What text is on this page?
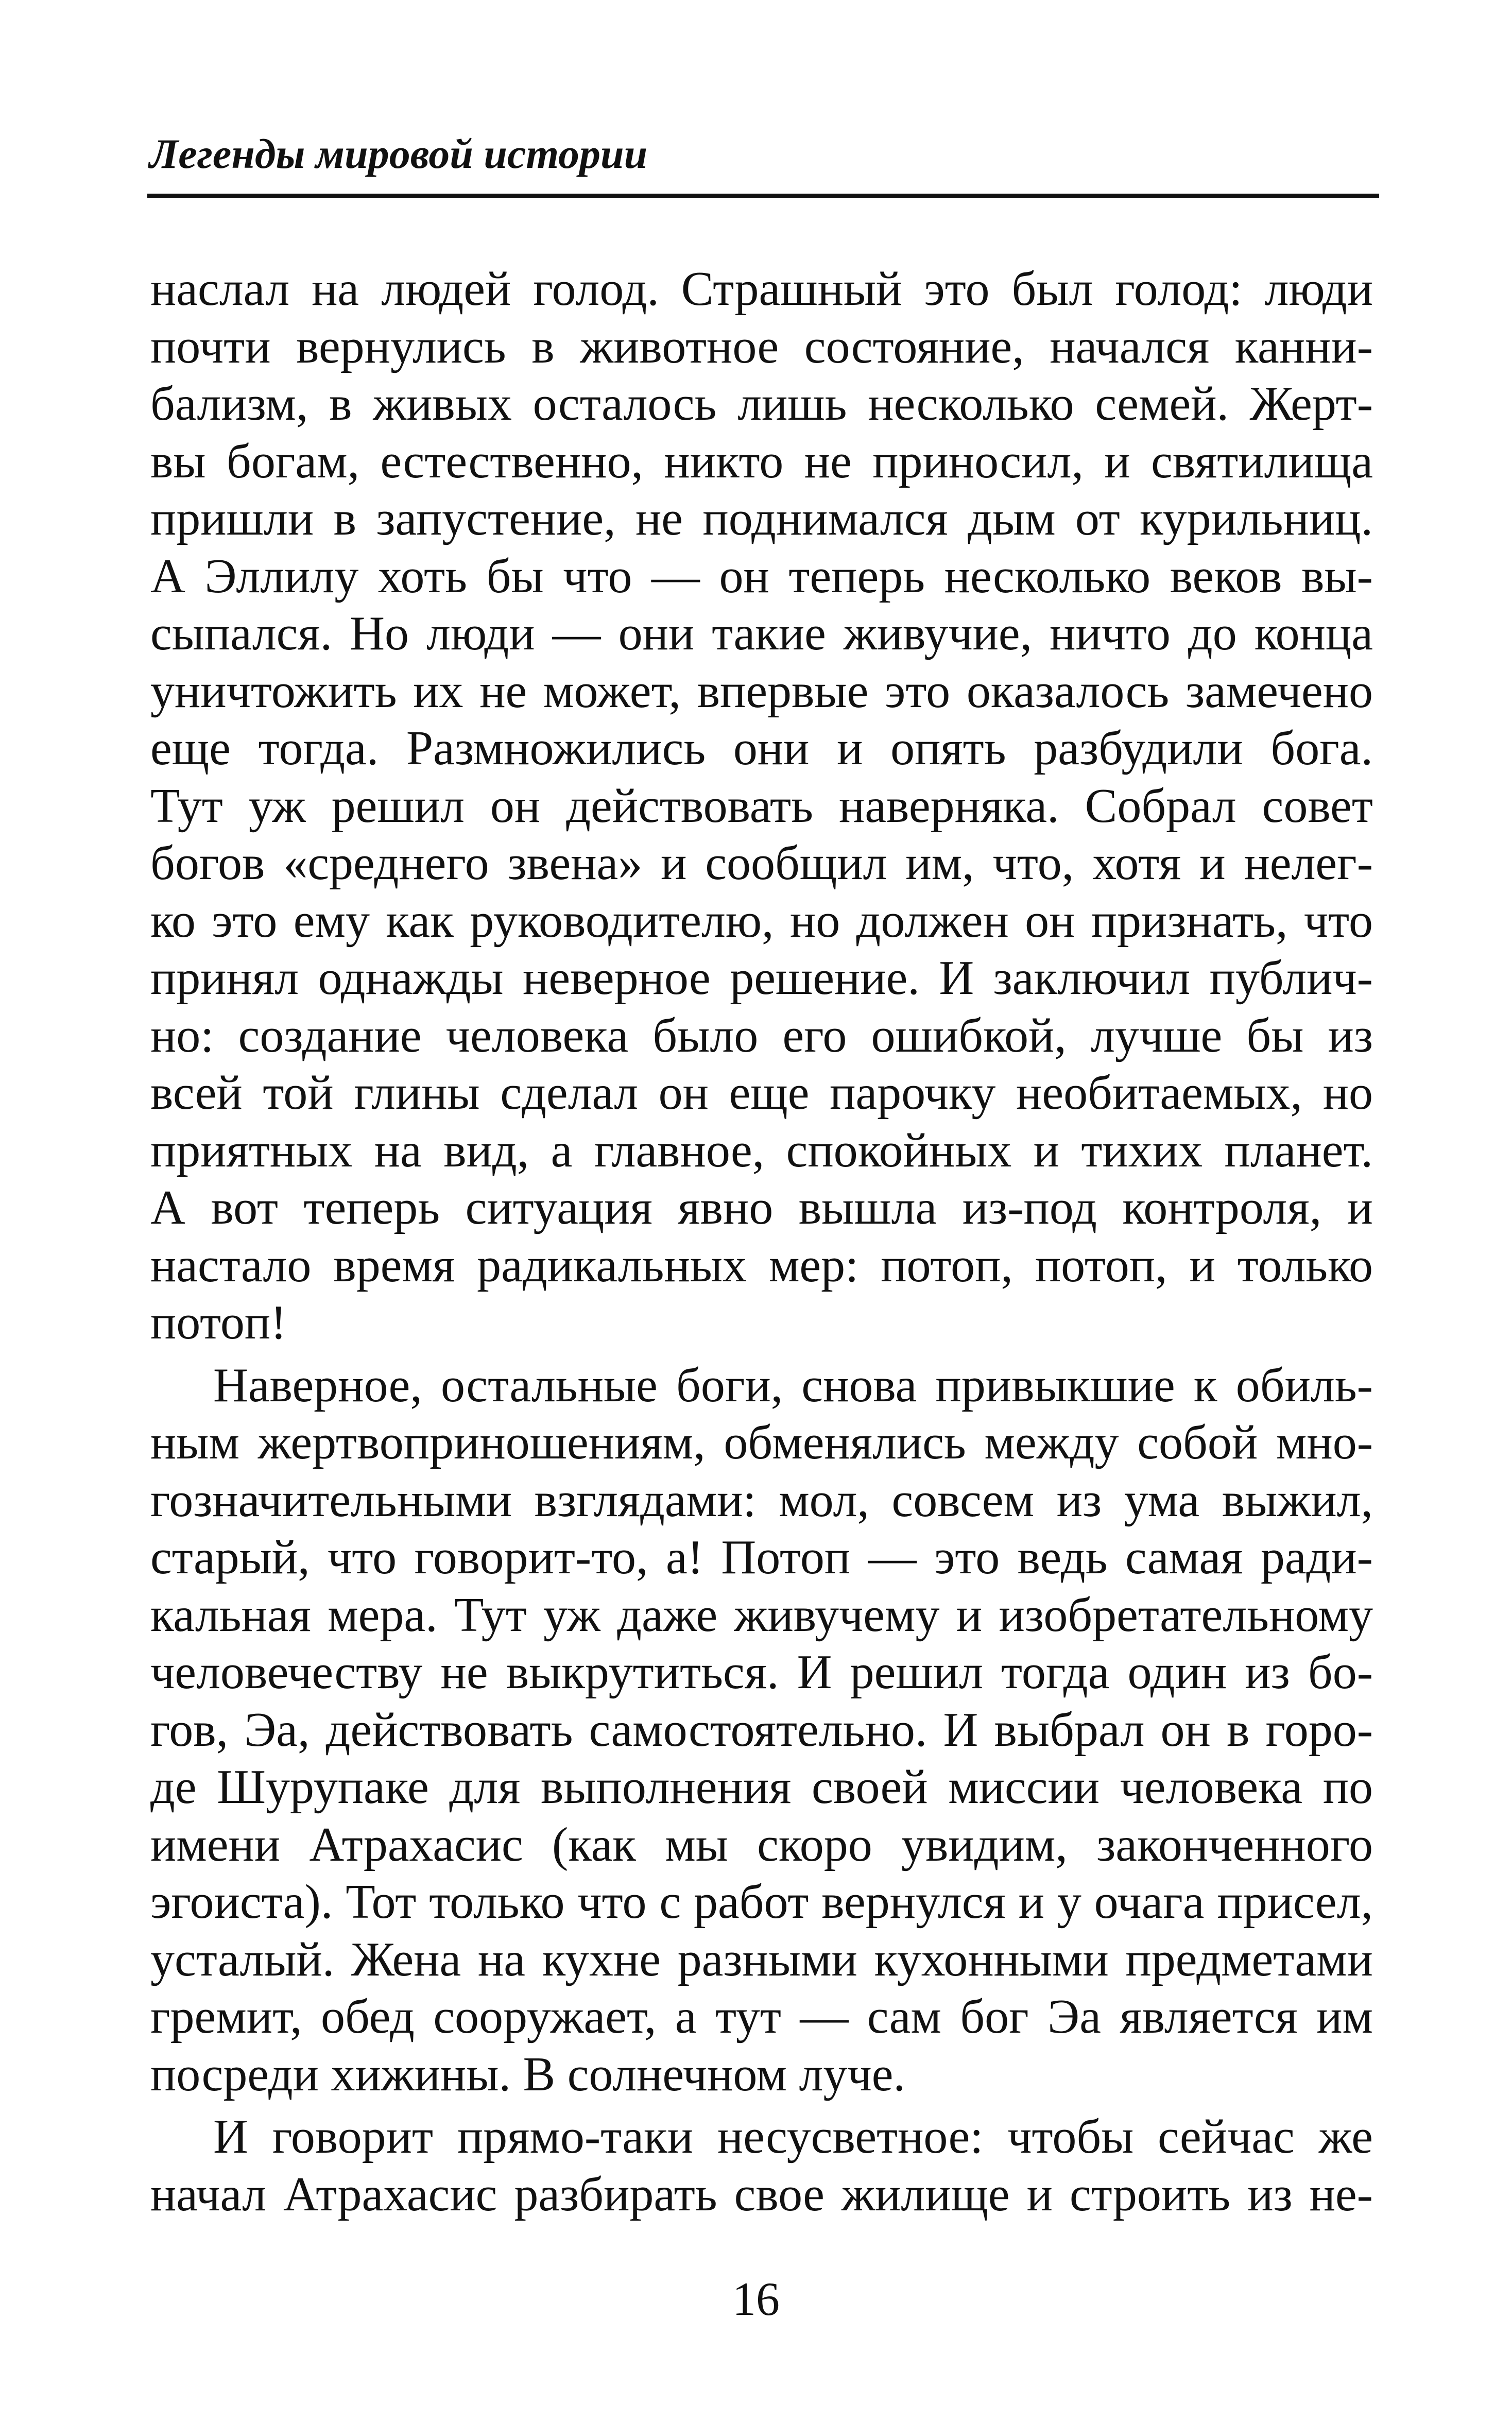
Легенды мировой истории
наслал на людей голод. Страшный это был голод: люди
почти вернулись в животное состояние, начался канни-
бализм, в живых осталось лишь несколько семей. Жерт-
вы богам, естественно, никто не приносил, и святилища
пришли в запустение, не поднимался дым от курильниц.
А Эллилу хоть бы что — он теперь несколько веков вы-
сыпался. Но люди — они такие живучие, ничто до конца
уничтожить их не может, впервые это оказалось замечено
еще тогда. Размножились они и опять разбудили бога.
Тут уж решил он действовать наверняка. Собрал совет
богов «среднего звена» и сообщил им, что, хотя и нелег-
ко это ему как руководителю, но должен он признать, что
принял однажды неверное решение. И заключил публич-
но: создание человека было его ошибкой, лучше бы из
всей той глины сделал он еще парочку необитаемых, но
приятных на вид, а главное, спокойных и тихих планет.
А вот теперь ситуация явно вышла из-под контроля, и
настало время радикальных мер: потоп, потоп, и только
потоп!
Наверное, остальные боги, снова привыкшие к обиль-
ным жертвоприношениям, обменялись между собой мно-
гозначительными взглядами: мол, совсем из ума выжил,
старый, что говорит-то, а! Потоп — это ведь самая ради-
кальная мера. Тут уж даже живучему и изобретательному
человечеству не выкрутиться. И решил тогда один из бо-
гов, Эа, действовать самостоятельно. И выбрал он в горо-
де Шурупаке для выполнения своей миссии человека по
имени Атрахасис (как мы скоро увидим, законченного
эгоиста). Тот только что с работ вернулся и у очага присел,
усталый. Жена на кухне разными кухонными предметами
гремит, обед сооружает, а тут — сам бог Эа является им
посреди хижины. В солнечном луче.
И говорит прямо-таки несусветное: чтобы сейчас же
начал Атрахасис разбирать свое жилище и строить из не-
16
